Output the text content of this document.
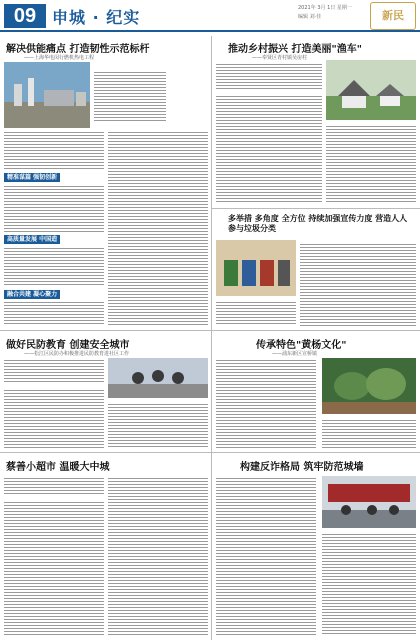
09 申城 · 纪实	2021年 3月 1日 星期一
编辑 刘·佳	新民
解决供能痛点 打造韧性示范标杆
——上海华电闵行燃机热电工程
精准谋篇 强韧创新
高质量发展 中国造
融合共建 凝心聚力
推动乡村振兴 打造美丽"渔车"
——奉贤区青村镇吴房村
多举措 多角度 全方位 持续加强宣传力度 营造人人参与垃圾分类
做好民防教育 创建安全城市
——松江区民防办积极推进民防教育进社区工作
传承特色"黄杨文化"
——浦东新区宣桥镇
蔡善小超市 温暖大中城	构建反诈格局 筑牢防范城墙
